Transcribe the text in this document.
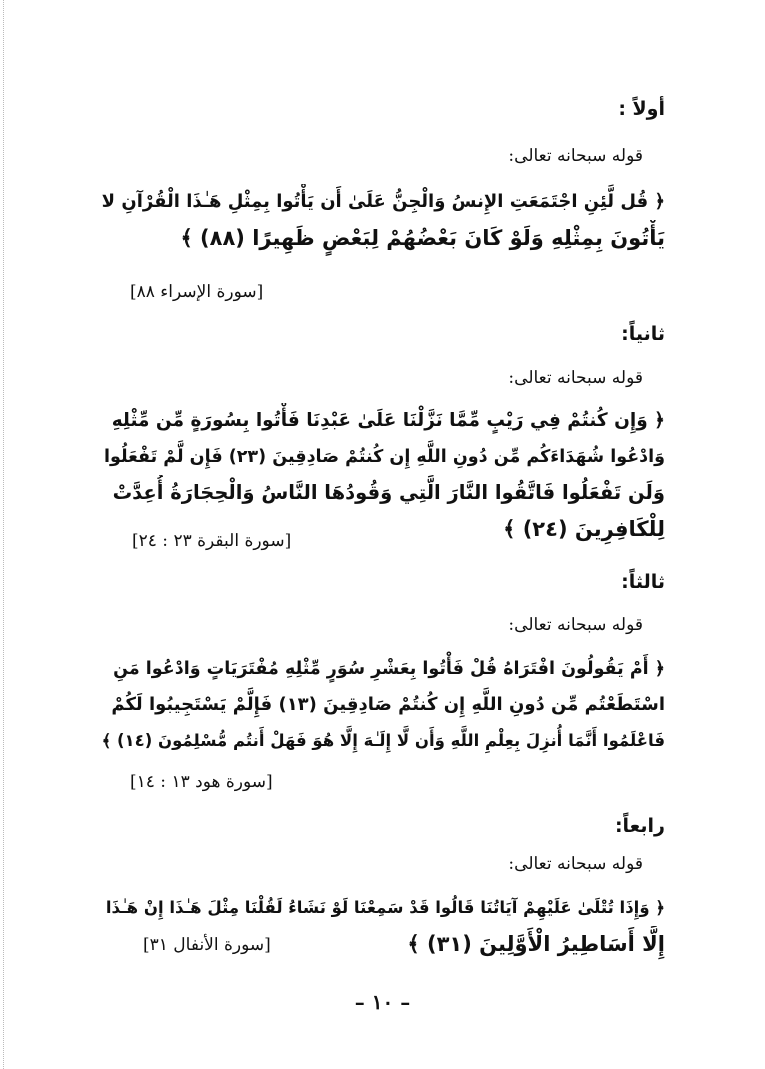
أولاً :
قوله سبحانه تعالى:
﴿ قُل لَّئِنِ اجْتَمَعَتِ الإِنسُ وَالْجِنُّ عَلَىٰ أَن يَأْتُوا بِمِثْلِ هَـٰذَا الْقُرْآنِ لا
يَأْتُونَ بِمِثْلِهِ وَلَوْ كَانَ بَعْضُهُمْ لِبَعْضٍ ظَهِيرًا (٨٨) ﴾
[سورة الإسراء ٨٨]
ثانياً:
قوله سبحانه تعالى:
﴿ وَإِن كُنتُمْ فِي رَيْبٍ مِّمَّا نَزَّلْنَا عَلَىٰ عَبْدِنَا فَأْتُوا بِسُورَةٍ مِّن مِّثْلِهِ
وَادْعُوا شُهَدَاءَكُم مِّن دُونِ اللَّهِ إِن كُنتُمْ صَادِقِينَ (٢٣) فَإِن لَّمْ تَفْعَلُوا
وَلَن تَفْعَلُوا فَاتَّقُوا النَّارَ الَّتِي وَقُودُهَا النَّاسُ وَالْحِجَارَةُ أُعِدَّتْ
لِلْكَافِرِينَ (٢٤) ﴾
[سورة البقرة ٢٣ : ٢٤]
ثالثاً:
قوله سبحانه تعالى:
﴿ أَمْ يَقُولُونَ افْتَرَاهُ قُلْ فَأْتُوا بِعَشْرِ سُوَرٍ مِّثْلِهِ مُفْتَرَيَاتٍ وَادْعُوا مَنِ
اسْتَطَعْتُم مِّن دُونِ اللَّهِ إِن كُنتُمْ صَادِقِينَ (١٣) فَإِلَّمْ يَسْتَجِيبُوا لَكُمْ
فَاعْلَمُوا أَنَّمَا أُنزِلَ بِعِلْمِ اللَّهِ وَأَن لَّا إِلَـٰهَ إِلَّا هُوَ فَهَلْ أَنتُم مُّسْلِمُونَ (١٤) ﴾
[سورة هود ١٣ : ١٤]
رابعاً:
قوله سبحانه تعالى:
﴿ وَإِذَا تُتْلَىٰ عَلَيْهِمْ آيَاتُنَا قَالُوا قَدْ سَمِعْنَا لَوْ نَشَاءُ لَقُلْنَا مِثْلَ هَـٰذَا إِنْ هَـٰذَا
إِلَّا أَسَاطِيرُ الْأَوَّلِينَ (٣١) ﴾
[سورة الأنفال ٣١]
– ١٠ –
